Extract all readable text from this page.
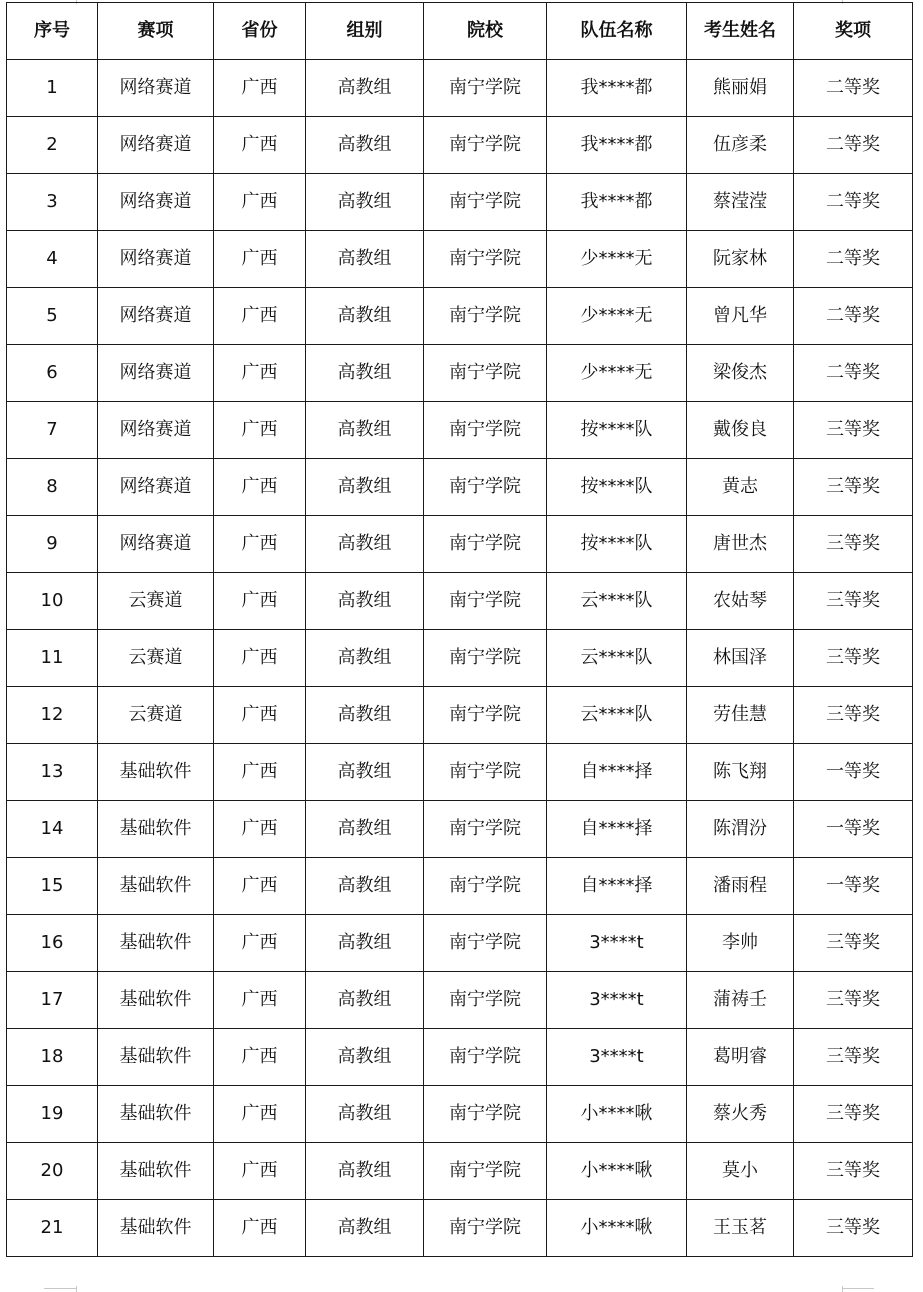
序号	赛项	省份	组别	院校	队伍名称	考生姓名	奖项
1	网络赛道	广西	高教组	南宁学院	我****都	熊丽娟	二等奖
2	网络赛道	广西	高教组	南宁学院	我****都	伍彦柔	二等奖
3	网络赛道	广西	高教组	南宁学院	我****都	蔡滢滢	二等奖
4	网络赛道	广西	高教组	南宁学院	少****无	阮家林	二等奖
5	网络赛道	广西	高教组	南宁学院	少****无	曾凡华	二等奖
6	网络赛道	广西	高教组	南宁学院	少****无	梁俊杰	二等奖
7	网络赛道	广西	高教组	南宁学院	按****队	戴俊良	三等奖
8	网络赛道	广西	高教组	南宁学院	按****队	黄志	三等奖
9	网络赛道	广西	高教组	南宁学院	按****队	唐世杰	三等奖
10	云赛道	广西	高教组	南宁学院	云****队	农姑琴	三等奖
11	云赛道	广西	高教组	南宁学院	云****队	林国泽	三等奖
12	云赛道	广西	高教组	南宁学院	云****队	劳佳慧	三等奖
13	基础软件	广西	高教组	南宁学院	自****择	陈飞翔	一等奖
14	基础软件	广西	高教组	南宁学院	自****择	陈渭汾	一等奖
15	基础软件	广西	高教组	南宁学院	自****择	潘雨程	一等奖
16	基础软件	广西	高教组	南宁学院	3****t	李帅	三等奖
17	基础软件	广西	高教组	南宁学院	3****t	蒲祷壬	三等奖
18	基础软件	广西	高教组	南宁学院	3****t	葛明睿	三等奖
19	基础软件	广西	高教组	南宁学院	小****啾	蔡火秀	三等奖
20	基础软件	广西	高教组	南宁学院	小****啾	莫小	三等奖
21	基础软件	广西	高教组	南宁学院	小****啾	王玉茗	三等奖
